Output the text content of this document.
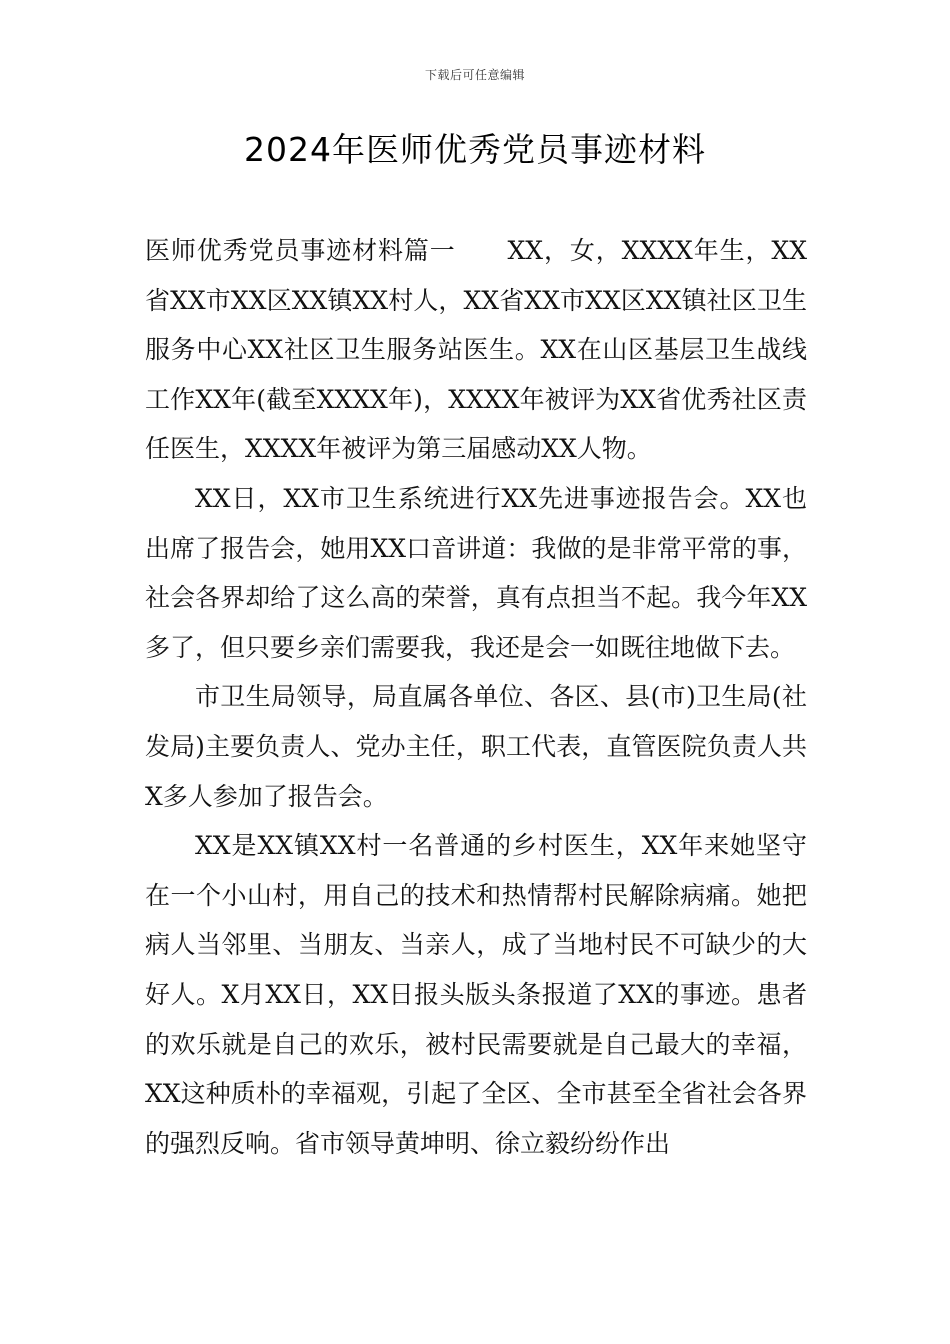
下载后可任意编辑
2024年医师优秀党员事迹材料

医师优秀党员事迹材料篇一　　XX，女，XXXX年生，XX省XX市XX区XX镇XX村人，XX省XX市XX区XX镇社区卫生服务中心XX社区卫生服务站医生。XX在山区基层卫生战线工作XX年(截至XXXX年)，XXXX年被评为XX省优秀社区责任医生，XXXX年被评为第三届感动XX人物。

XX日，XX市卫生系统进行XX先进事迹报告会。XX也出席了报告会，她用XX口音讲道：我做的是非常平常的事，社会各界却给了这么高的荣誉，真有点担当不起。我今年XX多了，但只要乡亲们需要我，我还是会一如既往地做下去。

市卫生局领导，局直属各单位、各区、县(市)卫生局(社发局)主要负责人、党办主任，职工代表，直管医院负责人共X多人参加了报告会。

XX是XX镇XX村一名普通的乡村医生，XX年来她坚守在一个小山村，用自己的技术和热情帮村民解除病痛。她把病人当邻里、当朋友、当亲人，成了当地村民不可缺少的大好人。X月XX日，XX日报头版头条报道了XX的事迹。患者的欢乐就是自己的欢乐，被村民需要就是自己最大的幸福，XX这种质朴的幸福观，引起了全区、全市甚至全省社会各界的强烈反响。省市领导黄坤明、徐立毅纷纷作出
